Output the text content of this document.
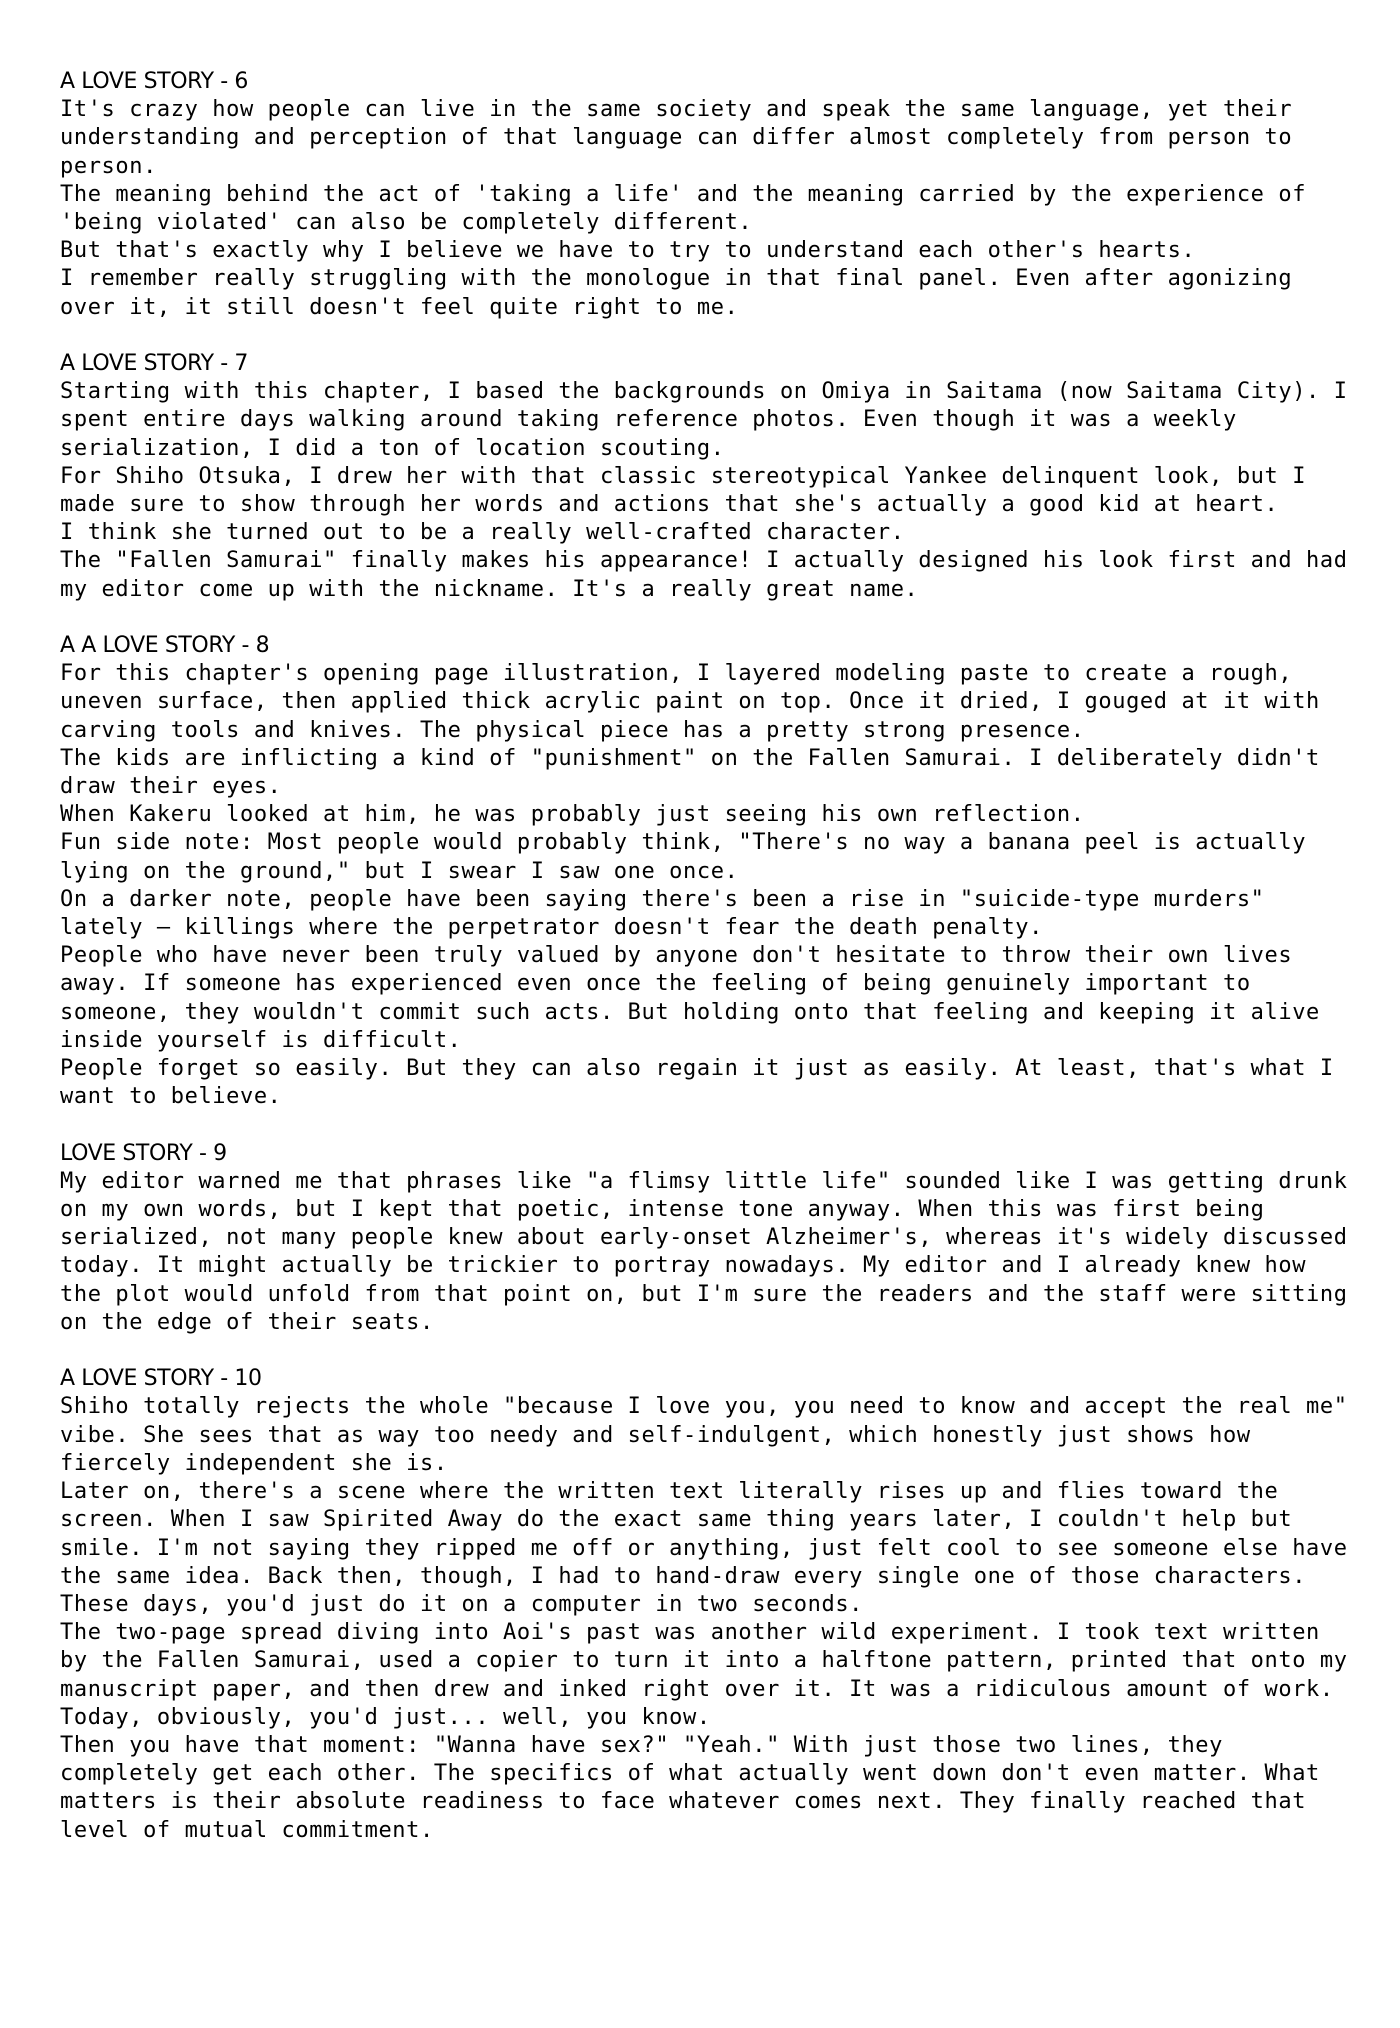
A LOVE STORY - 6

It's crazy how people can live in the same society and speak the same language, yet their understanding and perception of that language can differ almost completely from person to person.

The meaning behind the act of 'taking a life' and the meaning carried by the experience of 'being violated' can also be completely different.

But that's exactly why I believe we have to try to understand each other's hearts.

I remember really struggling with the monologue in that final panel. Even after agonizing over it, it still doesn't feel quite right to me.

A LOVE STORY - 7

Starting with this chapter, I based the backgrounds on Omiya in Saitama (now Saitama City). I spent entire days walking around taking reference photos. Even though it was a weekly serialization, I did a ton of location scouting.

For Shiho Otsuka, I drew her with that classic stereotypical Yankee delinquent look, but I made sure to show through her words and actions that she's actually a good kid at heart.

I think she turned out to be a really well-crafted character.

The "Fallen Samurai" finally makes his appearance! I actually designed his look first and had my editor come up with the nickname. It's a really great name.

A A LOVE STORY - 8

For this chapter's opening page illustration, I layered modeling paste to create a rough, uneven surface, then applied thick acrylic paint on top. Once it dried, I gouged at it with carving tools and knives. The physical piece has a pretty strong presence.

The kids are inflicting a kind of "punishment" on the Fallen Samurai. I deliberately didn't draw their eyes.

When Kakeru looked at him, he was probably just seeing his own reflection.

Fun side note: Most people would probably think, "There's no way a banana peel is actually lying on the ground," but I swear I saw one once.

On a darker note, people have been saying there's been a rise in "suicide-type murders" lately — killings where the perpetrator doesn't fear the death penalty.

People who have never been truly valued by anyone don't hesitate to throw their own lives away. If someone has experienced even once the feeling of being genuinely important to someone, they wouldn't commit such acts. But holding onto that feeling and keeping it alive inside yourself is difficult.

People forget so easily. But they can also regain it just as easily. At least, that's what I want to believe.

LOVE STORY - 9

My editor warned me that phrases like "a flimsy little life" sounded like I was getting drunk on my own words, but I kept that poetic, intense tone anyway. When this was first being serialized, not many people knew about early-onset Alzheimer's, whereas it's widely discussed today. It might actually be trickier to portray nowadays. My editor and I already knew how the plot would unfold from that point on, but I'm sure the readers and the staff were sitting on the edge of their seats.

A LOVE STORY - 10

Shiho totally rejects the whole "because I love you, you need to know and accept the real me" vibe. She sees that as way too needy and self-indulgent, which honestly just shows how fiercely independent she is.

Later on, there's a scene where the written text literally rises up and flies toward the screen. When I saw Spirited Away do the exact same thing years later, I couldn't help but smile. I'm not saying they ripped me off or anything, just felt cool to see someone else have the same idea. Back then, though, I had to hand-draw every single one of those characters. These days, you'd just do it on a computer in two seconds.

The two-page spread diving into Aoi's past was another wild experiment. I took text written by the Fallen Samurai, used a copier to turn it into a halftone pattern, printed that onto my manuscript paper, and then drew and inked right over it. It was a ridiculous amount of work. Today, obviously, you'd just... well, you know.

Then you have that moment: "Wanna have sex?" "Yeah." With just those two lines, they completely get each other. The specifics of what actually went down don't even matter. What matters is their absolute readiness to face whatever comes next. They finally reached that level of mutual commitment.
